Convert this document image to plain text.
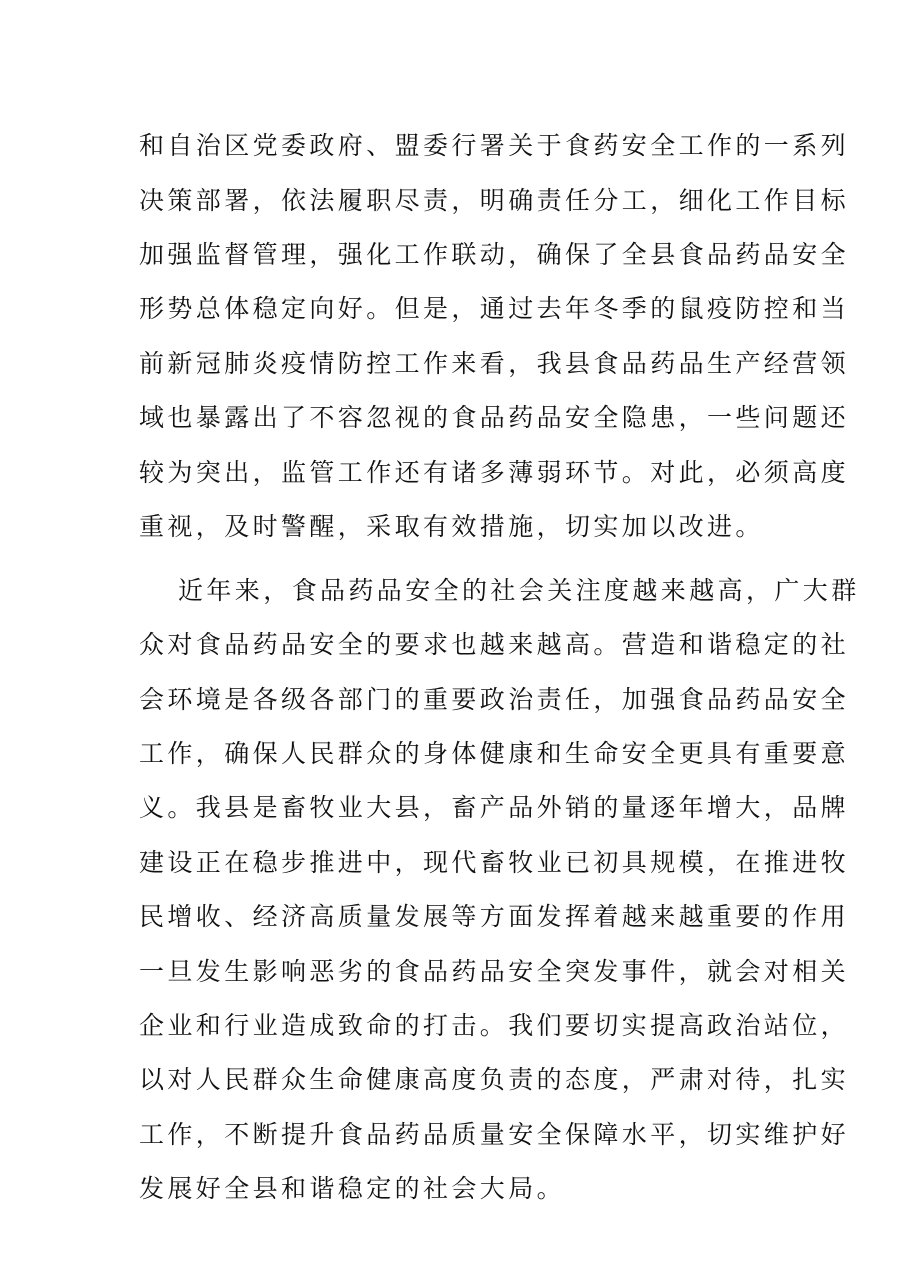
和自治区党委政府、盟委行署关于食药安全工作的一系列
决策部署，依法履职尽责，明确责任分工，细化工作目标
加强监督管理，强化工作联动，确保了全县食品药品安全
形势总体稳定向好。但是，通过去年冬季的鼠疫防控和当
前新冠肺炎疫情防控工作来看，我县食品药品生产经营领
域也暴露出了不容忽视的食品药品安全隐患，一些问题还
较为突出，监管工作还有诸多薄弱环节。对此，必须高度
重视，及时警醒，采取有效措施，切实加以改进。
近年来，食品药品安全的社会关注度越来越高，广大群
众对食品药品安全的要求也越来越高。营造和谐稳定的社
会环境是各级各部门的重要政治责任，加强食品药品安全
工作，确保人民群众的身体健康和生命安全更具有重要意
义。我县是畜牧业大县，畜产品外销的量逐年增大，品牌
建设正在稳步推进中，现代畜牧业已初具规模，在推进牧
民增收、经济高质量发展等方面发挥着越来越重要的作用
一旦发生影响恶劣的食品药品安全突发事件，就会对相关
企业和行业造成致命的打击。我们要切实提高政治站位，
以对人民群众生命健康高度负责的态度，严肃对待，扎实
工作，不断提升食品药品质量安全保障水平，切实维护好
发展好全县和谐稳定的社会大局。
